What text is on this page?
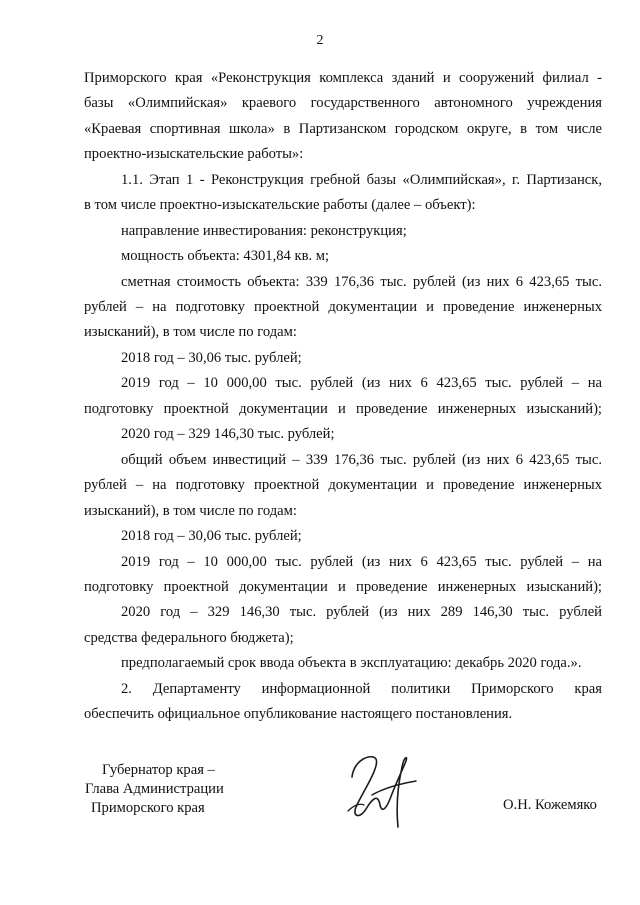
2
Приморского края «Реконструкция комплекса зданий и сооружений филиал -
базы «Олимпийская» краевого государственного автономного учреждения
«Краевая спортивная школа» в Партизанском городском округе, в том числе
проектно-изыскательские работы»:
1.1. Этап 1 - Реконструкция гребной базы «Олимпийская», г. Партизанск,
в том числе проектно-изыскательские работы (далее – объект):
направление инвестирования: реконструкция;
мощность объекта: 4301,84 кв. м;
сметная стоимость объекта: 339 176,36 тыс. рублей (из них 6 423,65 тыс.
рублей – на подготовку проектной документации и проведение инженерных
изысканий), в том числе по годам:
2018 год – 30,06 тыс. рублей;
2019 год – 10 000,00 тыс. рублей (из них 6 423,65 тыс. рублей – на
подготовку проектной документации и проведение инженерных изысканий);
2020 год – 329 146,30 тыс. рублей;
общий объем инвестиций – 339 176,36 тыс. рублей (из них 6 423,65 тыс.
рублей – на подготовку проектной документации и проведение инженерных
изысканий), в том числе по годам:
2018 год – 30,06 тыс. рублей;
2019 год – 10 000,00 тыс. рублей (из них 6 423,65 тыс. рублей – на
подготовку проектной документации и проведение инженерных изысканий);
2020 год – 329 146,30 тыс. рублей (из них 289 146,30 тыс. рублей
средства федерального бюджета);
предполагаемый срок ввода объекта в эксплуатацию: декабрь 2020 года.».
2. Департаменту информационной политики Приморского края
обеспечить официальное опубликование настоящего постановления.
Губернатор края –
Глава Администрации
Приморского края	О.Н. Кожемяко
